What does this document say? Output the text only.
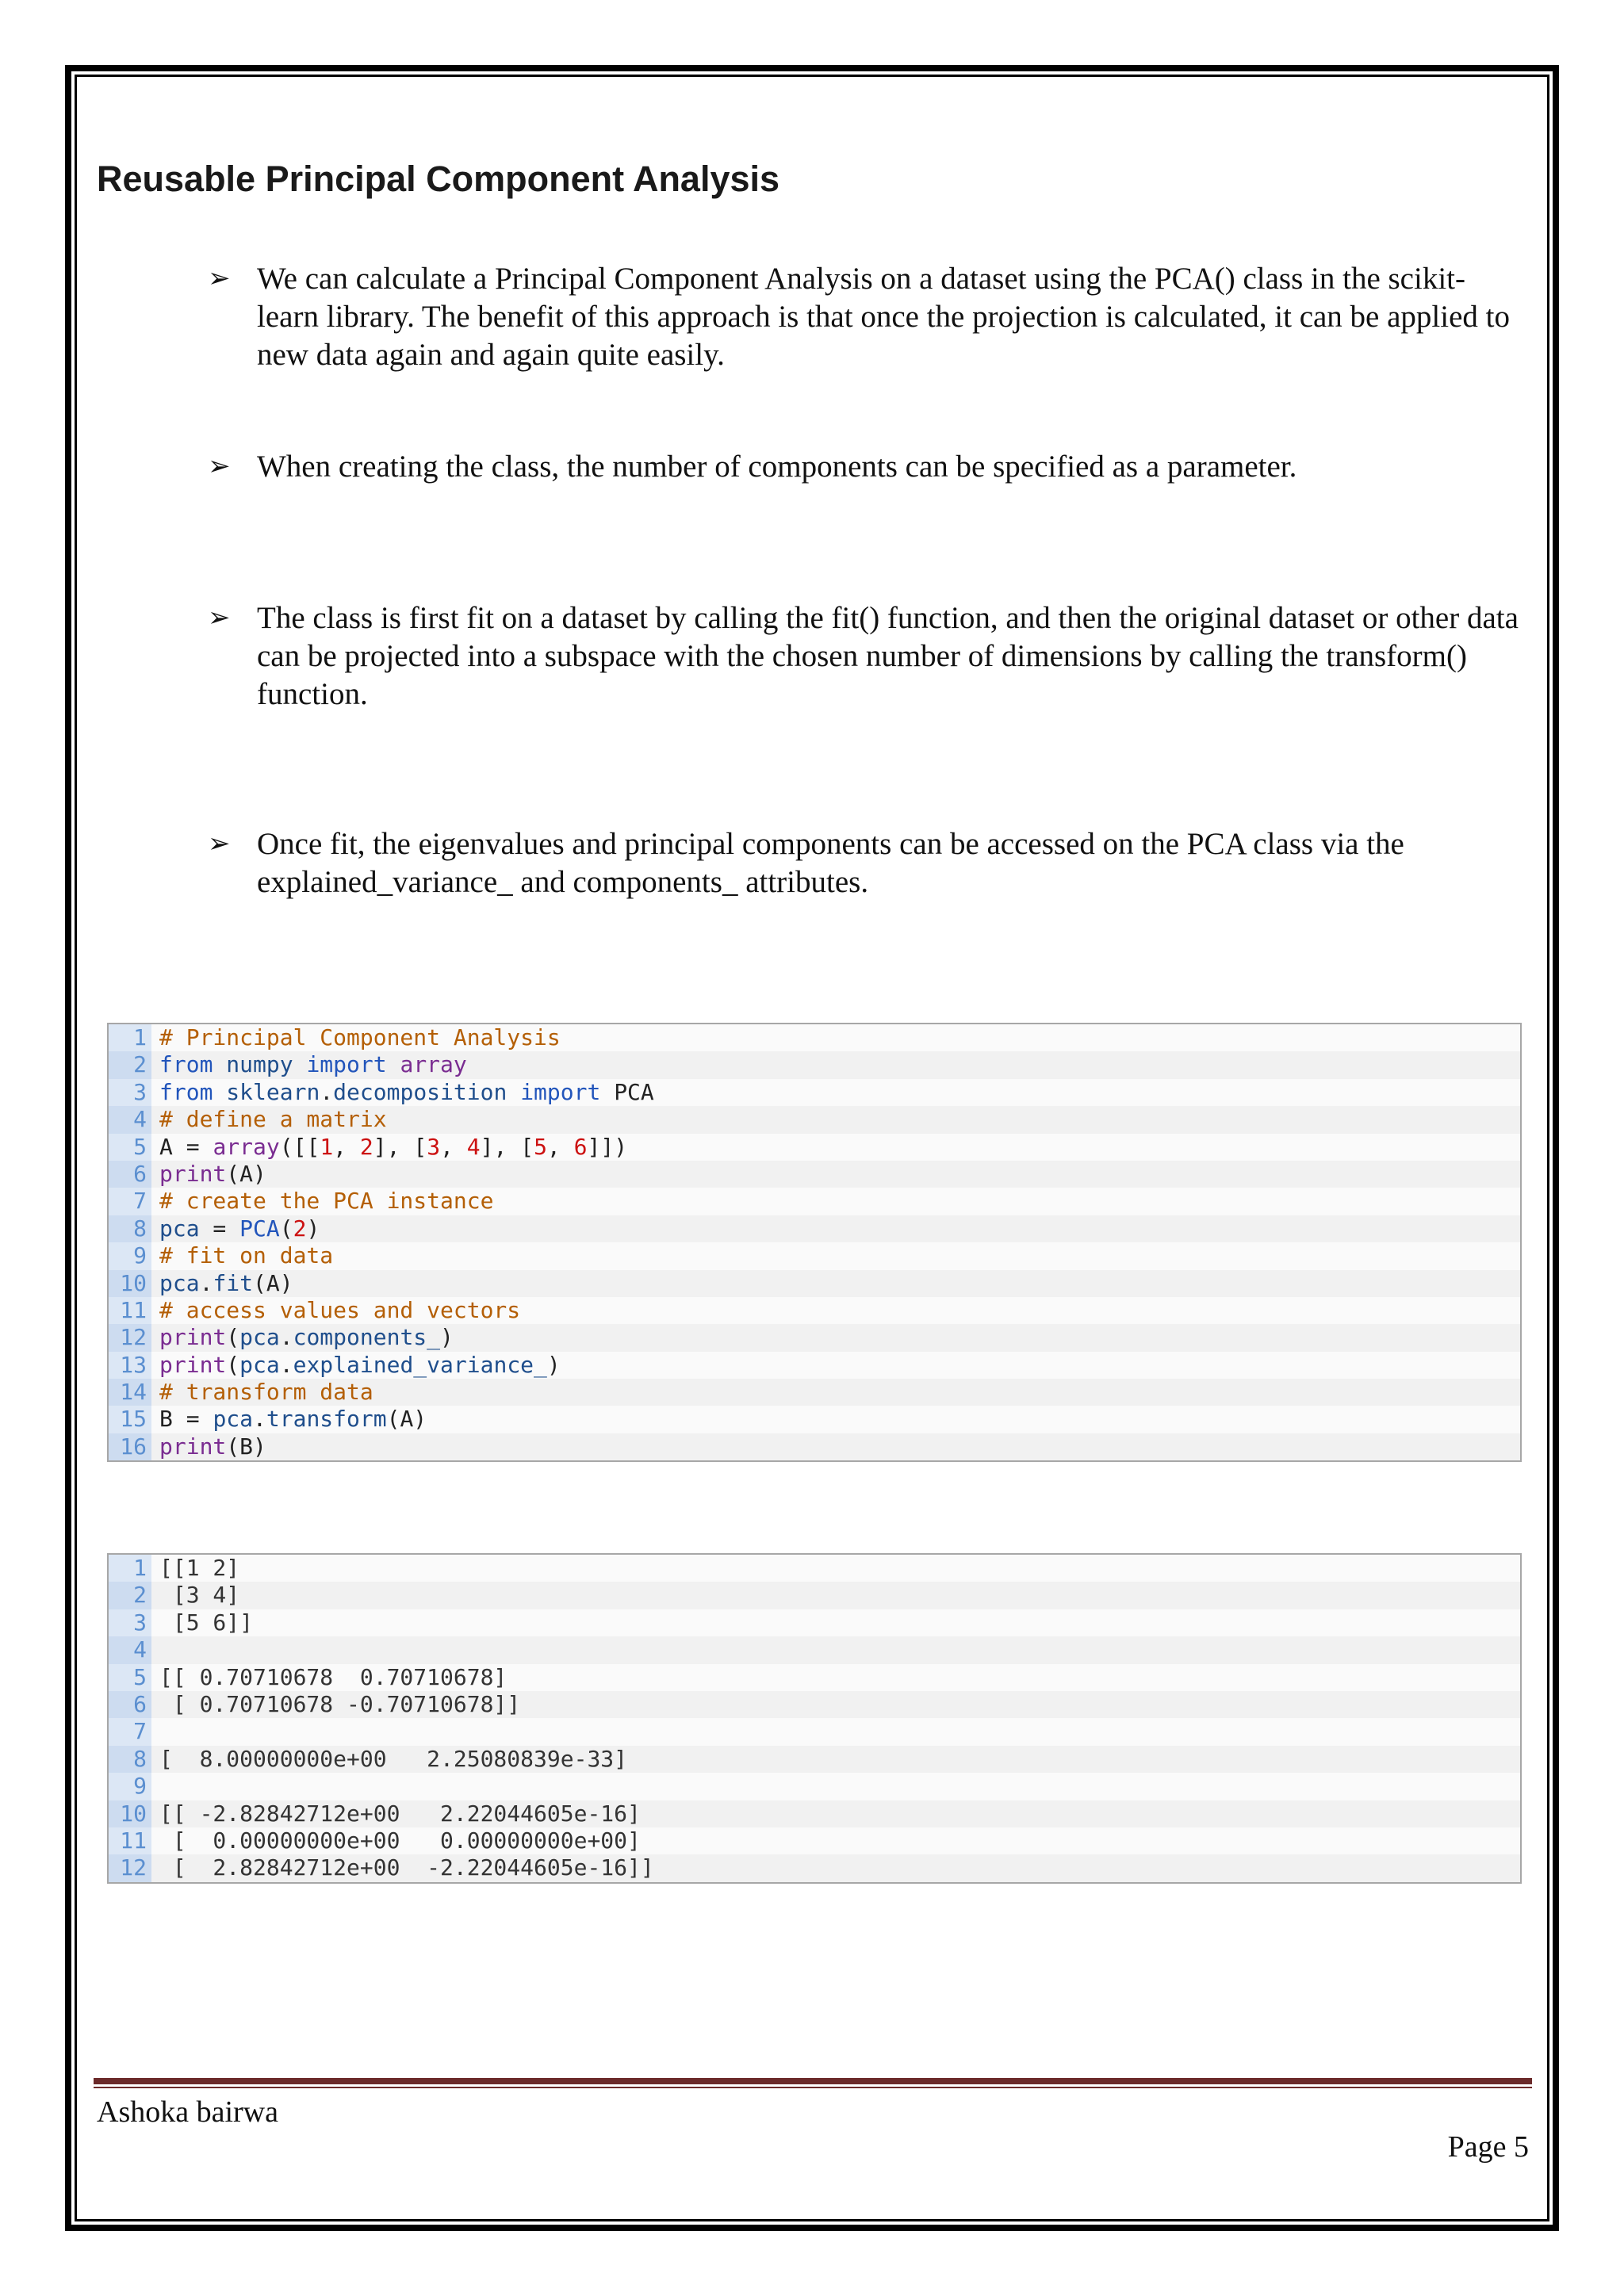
Reusable Principal Component Analysis
➢ We can calculate a Principal Component Analysis on a dataset using the PCA() class in the scikit-learn library. The benefit of this approach is that once the projection is calculated, it can be applied to new data again and again quite easily.
➢ When creating the class, the number of components can be specified as a parameter.
➢ The class is first fit on a dataset by calling the fit() function, and then the original dataset or other data can be projected into a subspace with the chosen number of dimensions by calling the transform() function.
➢ Once fit, the eigenvalues and principal components can be accessed on the PCA class via the explained_variance_ and components_ attributes.
1 # Principal Component Analysis
2 from numpy import array
3 from sklearn.decomposition import PCA
4 # define a matrix
5 A = array([[1, 2], [3, 4], [5, 6]])
6 print(A)
7 # create the PCA instance
8 pca = PCA(2)
9 # fit on data
10 pca.fit(A)
11 # access values and vectors
12 print(pca.components_)
13 print(pca.explained_variance_)
14 # transform data
15 B = pca.transform(A)
16 print(B)
1 [[1 2]
2 [3 4]
3 [5 6]]
4
5 [[ 0.70710678  0.70710678]
6 [ 0.70710678 -0.70710678]]
7
8 [  8.00000000e+00   2.25080839e-33]
9
10 [[ -2.82842712e+00   2.22044605e-16]
11 [  0.00000000e+00   0.00000000e+00]
12 [  2.82842712e+00  -2.22044605e-16]]
Ashoka bairwa
Page 5
